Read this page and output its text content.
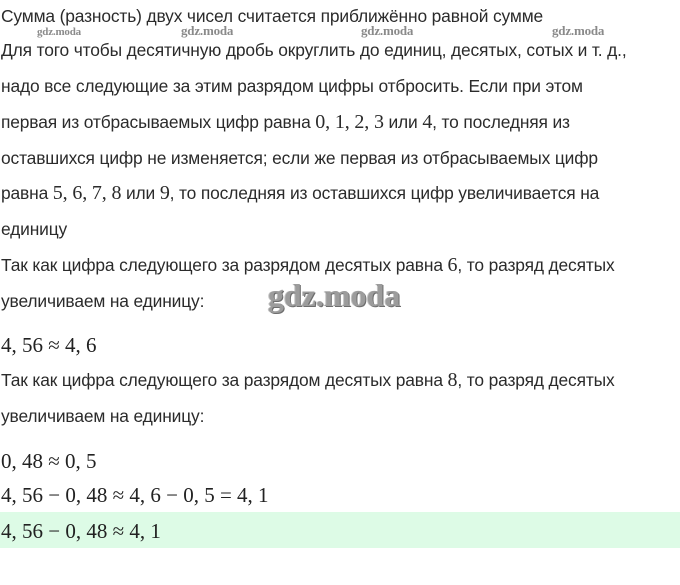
Сумма (разность) двух чисел считается приближённо равной сумме
Для того чтобы десятичную дробь округлить до единиц, десятых, сотых и т. д.,
надо все следующие за этим разрядом цифры отбросить. Если при этом
первая из отбрасываемых цифр равна 0, 1, 2, 3 или 4, то последняя из
оставшихся цифр не изменяется; если же первая из отбрасываемых цифр
равна 5, 6, 7, 8 или 9, то последняя из оставшихся цифр увеличивается на
единицу
Так как цифра следующего за разрядом десятых равна 6, то разряд десятых
увеличиваем на единицу:
4, 56 ≈ 4, 6
Так как цифра следующего за разрядом десятых равна 8, то разряд десятых
увеличиваем на единицу:
0, 48 ≈ 0, 5
4, 56 − 0, 48 ≈ 4, 6 − 0, 5 = 4, 1
4, 56 − 0, 48 ≈ 4, 1
gdz.moda	gdz.moda	gdz.moda	gdz.moda
gdz.moda
